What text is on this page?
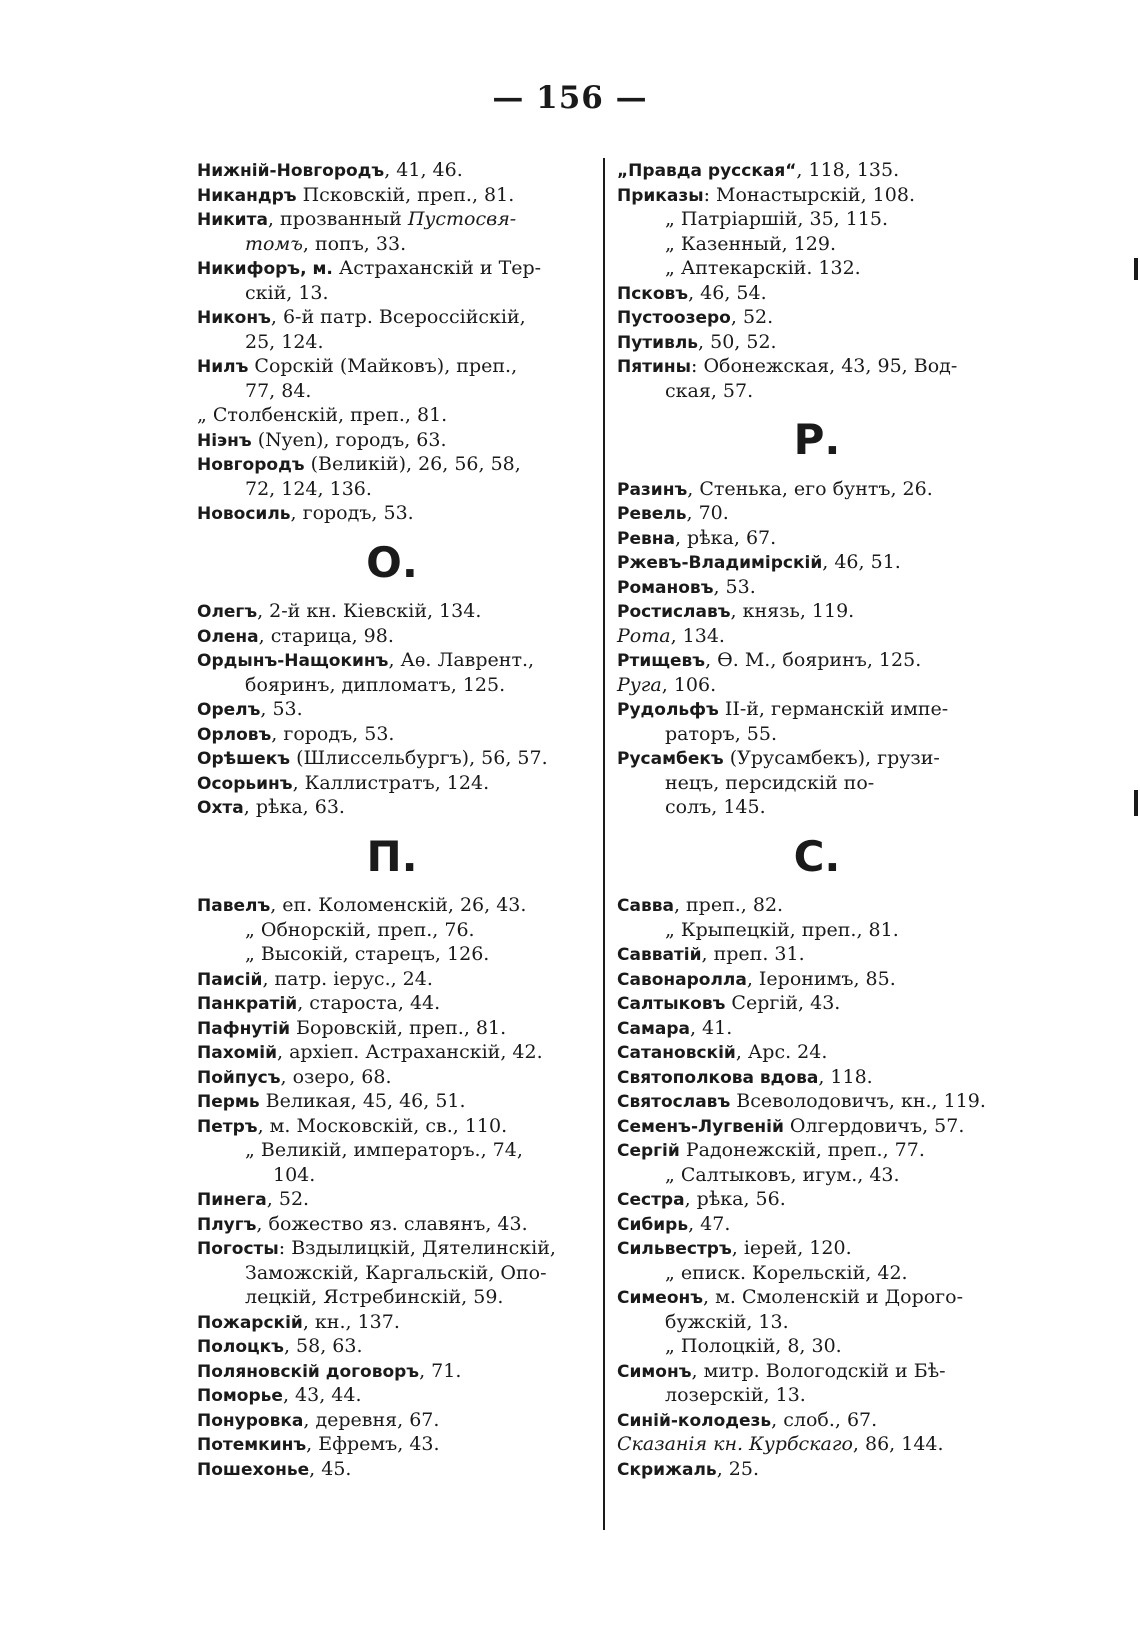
— 156 —
Нижній-Новгородъ, 41, 46.
Никандръ Псковскій, преп., 81.
Никита, прозванный Пустосвя-
томъ, попъ, 33.
Никифоръ, м. Астраханскій и Тер-
скій, 13.
Никонъ, 6-й патр. Всероссійскій,
25, 124.
Нилъ Сорскій (Майковъ), преп.,
77, 84.
„ Столбенскій, преп., 81.
Ніэнъ (Nyen), городъ, 63.
Новгородъ (Великій), 26, 56, 58,
72, 124, 136.
Новосиль, городъ, 53.
О.
Олегъ, 2-й кн. Кіевскій, 134.
Олена, старица, 98.
Ордынъ-Нащокинъ, Аѳ. Лаврент.,
бояринъ, дипломатъ, 125.
Орелъ, 53.
Орловъ, городъ, 53.
Орѣшекъ (Шлиссельбургъ), 56, 57.
Осорьинъ, Каллистратъ, 124.
Охта, рѣка, 63.
П.
Павелъ, еп. Коломенскій, 26, 43.
„ Обнорскій, преп., 76.
„ Высокій, старецъ, 126.
Паисій, патр. іерус., 24.
Панкратій, староста, 44.
Пафнутій Боровскій, преп., 81.
Пахомій, архіеп. Астраханскій, 42.
Пойпусъ, озеро, 68.
Пермь Великая, 45, 46, 51.
Петръ, м. Московскій, св., 110.
„ Великій, императоръ., 74,
104.
Пинега, 52.
Плугъ, божество яз. славянъ, 43.
Погосты: Вздылицкій, Дятелинскій,
Заможскій, Каргальскій, Опо-
лецкій, Ястребинскій, 59.
Пожарскій, кн., 137.
Полоцкъ, 58, 63.
Поляновскій договоръ, 71.
Поморье, 43, 44.
Понуровка, деревня, 67.
Потемкинъ, Ефремъ, 43.
Пошехонье, 45.
„Правда русская“, 118, 135.
Приказы: Монастырскій, 108.
„ Патріаршій, 35, 115.
„ Казенный, 129.
„ Аптекарскій. 132.
Псковъ, 46, 54.
Пустоозеро, 52.
Путивль, 50, 52.
Пятины: Обонежская, 43, 95, Вод-
ская, 57.
Р.
Разинъ, Стенька, его бунтъ, 26.
Ревель, 70.
Ревна, рѣка, 67.
Ржевъ-Владимірскій, 46, 51.
Романовъ, 53.
Ростиславъ, князь, 119.
Рота, 134.
Ртищевъ, Ѳ. М., бояринъ, 125.
Руга, 106.
Рудольфъ II-й, германскій импе-
раторъ, 55.
Русамбекъ (Урусамбекъ), грузи-
нецъ, персидскій по-
солъ, 145.
С.
Савва, преп., 82.
„ Крыпецкій, преп., 81.
Савватій, преп. 31.
Савонаролла, Іеронимъ, 85.
Салтыковъ Сергій, 43.
Самара, 41.
Сатановскій, Арс. 24.
Святополкова вдова, 118.
Святославъ Всеволодовичъ, кн., 119.
Семенъ-Лугвеній Олгердовичъ, 57.
Сергій Радонежскій, преп., 77.
„ Салтыковъ, игум., 43.
Сестра, рѣка, 56.
Сибирь, 47.
Сильвестръ, іерей, 120.
„ еписк. Корельскій, 42.
Симеонъ, м. Смоленскій и Дорого-
бужскій, 13.
„ Полоцкій, 8, 30.
Симонъ, митр. Вологодскій и Бѣ-
лозерскій, 13.
Синій-колодезь, слоб., 67.
Сказанія кн. Курбскаго, 86, 144.
Скрижаль, 25.
